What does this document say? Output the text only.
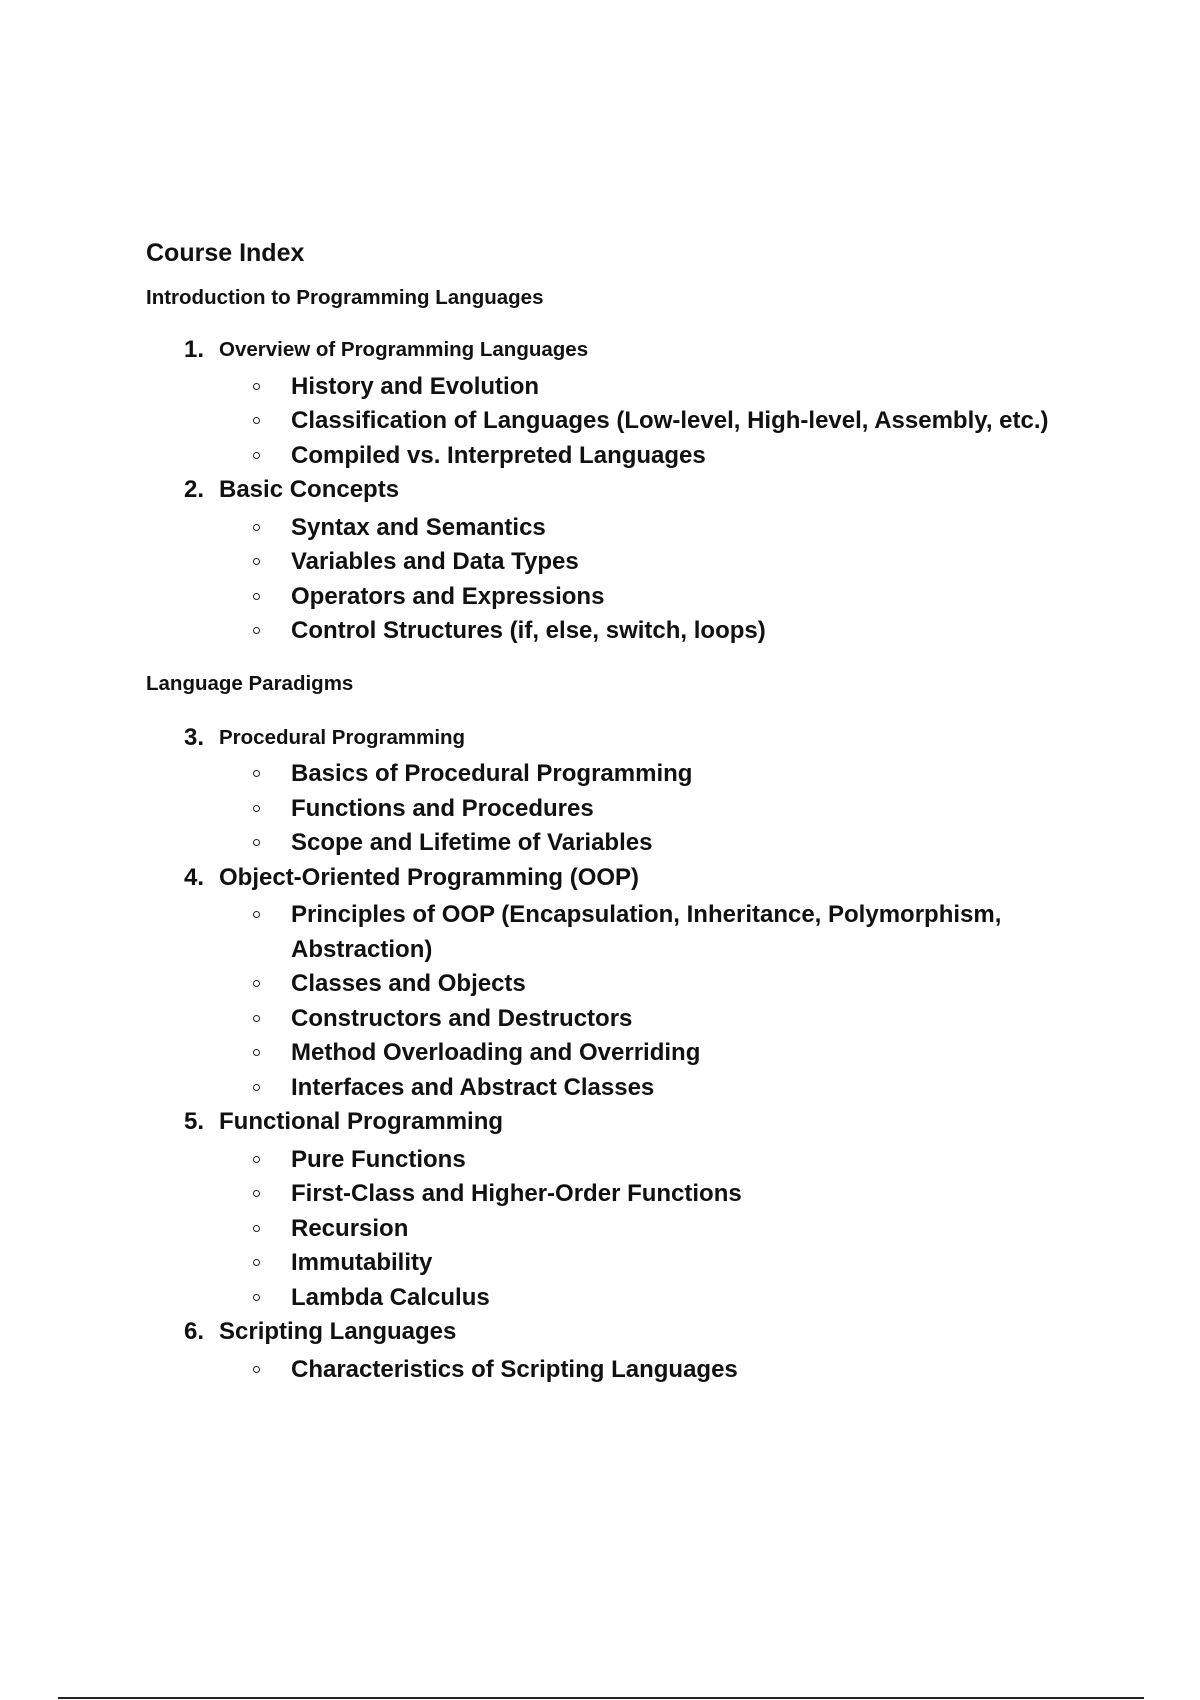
Course Index
Introduction to Programming Languages
1. Overview of Programming Languages
History and Evolution
Classification of Languages (Low-level, High-level, Assembly, etc.)
Compiled vs. Interpreted Languages
2. Basic Concepts
Syntax and Semantics
Variables and Data Types
Operators and Expressions
Control Structures (if, else, switch, loops)
Language Paradigms
3. Procedural Programming
Basics of Procedural Programming
Functions and Procedures
Scope and Lifetime of Variables
4. Object-Oriented Programming (OOP)
Principles of OOP (Encapsulation, Inheritance, Polymorphism, Abstraction)
Classes and Objects
Constructors and Destructors
Method Overloading and Overriding
Interfaces and Abstract Classes
5. Functional Programming
Pure Functions
First-Class and Higher-Order Functions
Recursion
Immutability
Lambda Calculus
6. Scripting Languages
Characteristics of Scripting Languages
